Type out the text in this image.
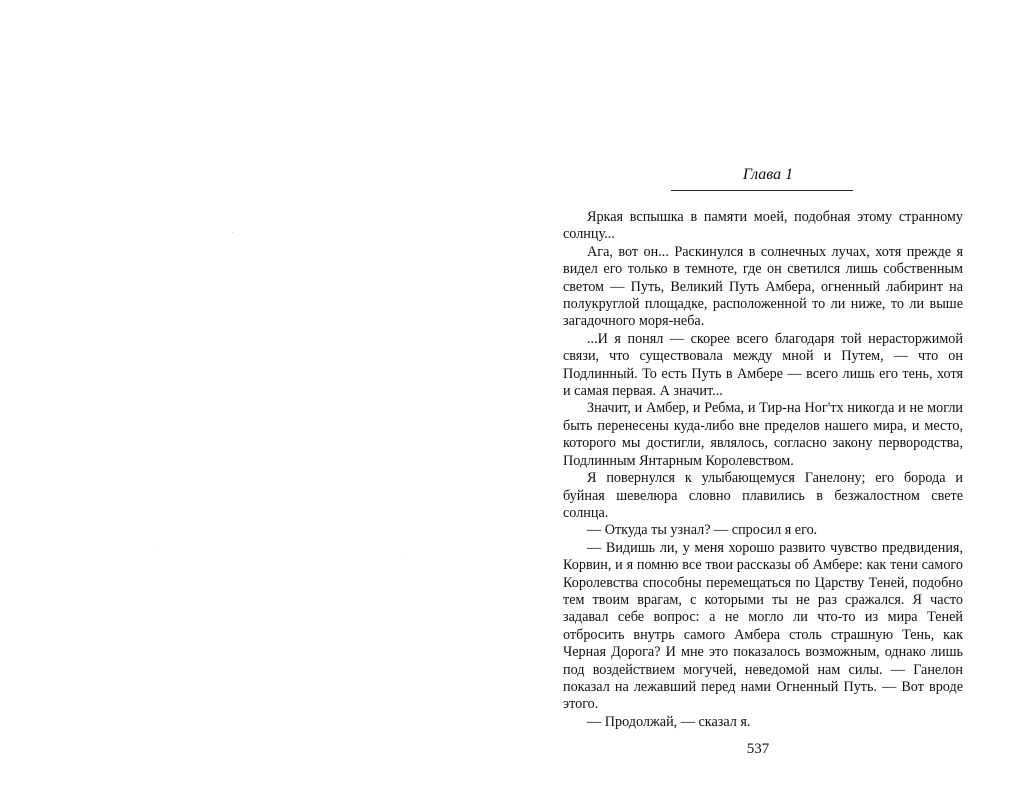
Глава 1

Яркая вспышка в памяти моей, подобная этому странному солнцу...

Ага, вот он... Раскинулся в солнечных лучах, хотя прежде я видел его только в темноте, где он светился лишь собственным светом — Путь, Великий Путь Амбера, огненный лабиринт на полукруглой площадке, расположенной то ли ниже, то ли выше загадочного моря-неба.

...И я понял — скорее всего благодаря той нерасторжимой связи, что существовала между мной и Путем, — что он Подлинный. То есть Путь в Амбере — всего лишь его тень, хотя и самая первая. А значит...

Значит, и Амбер, и Ребма, и Тир-на Ног'тх никогда и не могли быть перенесены куда-либо вне пределов нашего мира, и место, которого мы достигли, являлось, согласно закону первородства, Подлинным Янтарным Королевством.

Я повернулся к улыбающемуся Ганелону; его борода и буйная шевелюра словно плавились в безжалостном свете солнца.

— Откуда ты узнал? — спросил я его.

— Видишь ли, у меня хорошо развито чувство предвидения, Корвин, и я помню все твои рассказы об Амбере: как тени самого Королевства способны перемещаться по Царству Теней, подобно тем твоим врагам, с которыми ты не раз сражался. Я часто задавал себе вопрос: а не могло ли что-то из мира Теней отбросить внутрь самого Амбера столь страшную Тень, как Черная Дорога? И мне это показалось возможным, однако лишь под воздействием могучей, неведомой нам силы. — Ганелон показал на лежавший перед нами Огненный Путь. — Вот вроде этого.

— Продолжай, — сказал я.

537
